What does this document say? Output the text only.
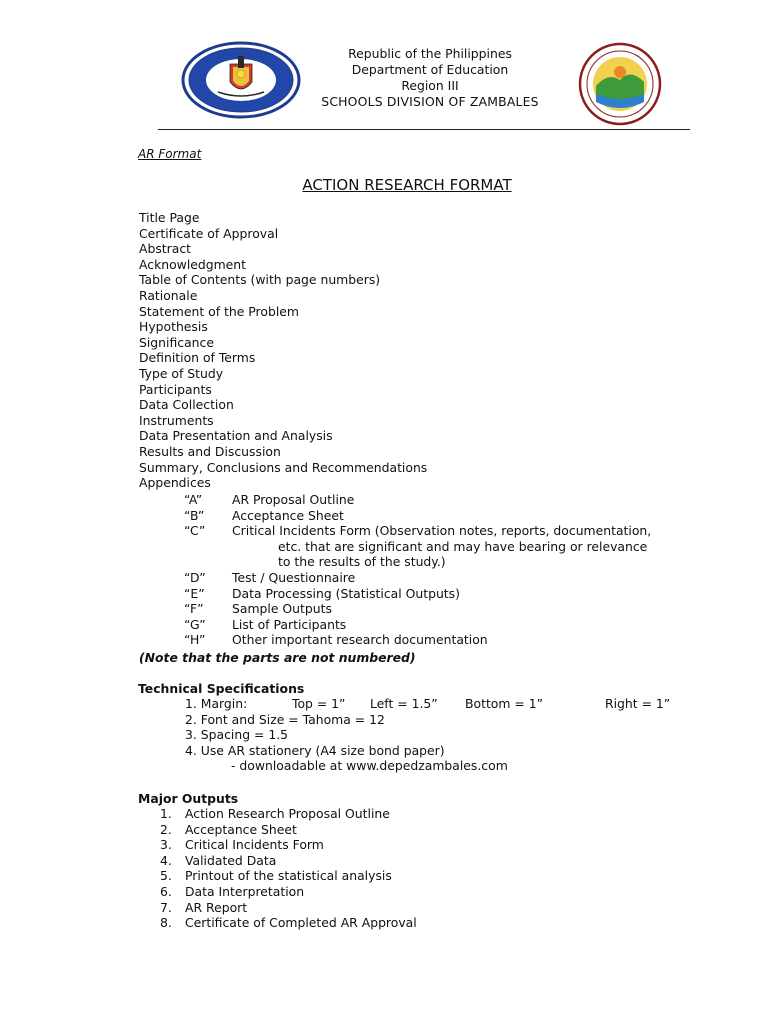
Republic of the Philippines
Department of Education
Region III
SCHOOLS DIVISION OF ZAMBALES
AR Format
ACTION RESEARCH FORMAT
Title Page
Certificate of Approval
Abstract
Acknowledgment
Table of Contents (with page numbers)
Rationale
Statement of the Problem
Hypothesis
Significance
Definition of Terms
Type of Study
Participants
Data Collection
Instruments
Data Presentation and Analysis
Results and Discussion
Summary, Conclusions and Recommendations
Appendices
“A”	AR Proposal Outline
“B”	Acceptance Sheet
“C”	Critical Incidents Form (Observation notes, reports, documentation,
etc. that are significant and may have bearing or relevance
to the results of the study.)
“D”	Test / Questionnaire
“E”	Data Processing (Statistical Outputs)
“F”	Sample Outputs
“G”	List of Participants
“H”	Other important research documentation
(Note that the parts are not numbered)
Technical Specifications
1. Margin:	Top = 1” Left = 1.5” Bottom = 1”	Right = 1”
2. Font and Size = Tahoma = 12
3. Spacing = 1.5
4. Use AR stationery (A4 size bond paper)
- downloadable at www.depedzambales.com
Major Outputs
1.	Action Research Proposal Outline
2.	Acceptance Sheet
3.	Critical Incidents Form
4.	Validated Data
5.	Printout of the statistical analysis
6.	Data Interpretation
7.	AR Report
8.	Certificate of Completed AR Approval
